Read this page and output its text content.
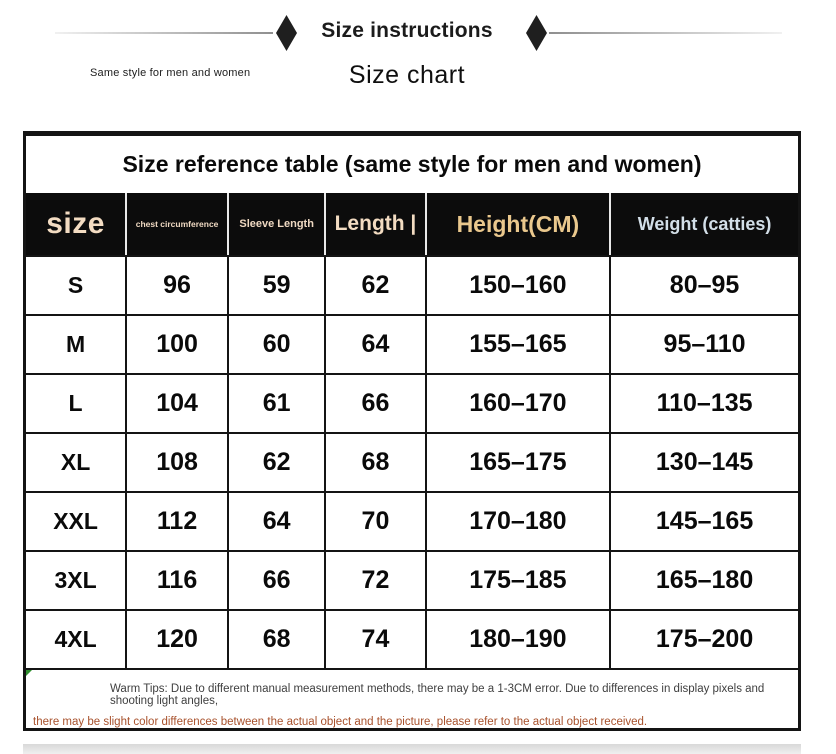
Size instructions
Same style for men and women	Size chart
Size reference table (same style for men and women)					
size	chest circumference	Sleeve Length	Length |	Height(CM)	Weight (catties)
S	96	59	62	150–160	80–95
M	100	60	64	155–165	95–110
L	104	61	66	160–170	110–135
XL	108	62	68	165–175	130–145
XXL	112	64	70	170–180	145–165
3XL	116	66	72	175–185	165–180
4XL	120	68	74	180–190	175–200

Warm Tips: Due to different manual measurement methods, there may be a 1-3CM error. Due to differences in display pixels and shooting light angles,
there may be slight color differences between the actual object and the picture, please refer to the actual object received.					
